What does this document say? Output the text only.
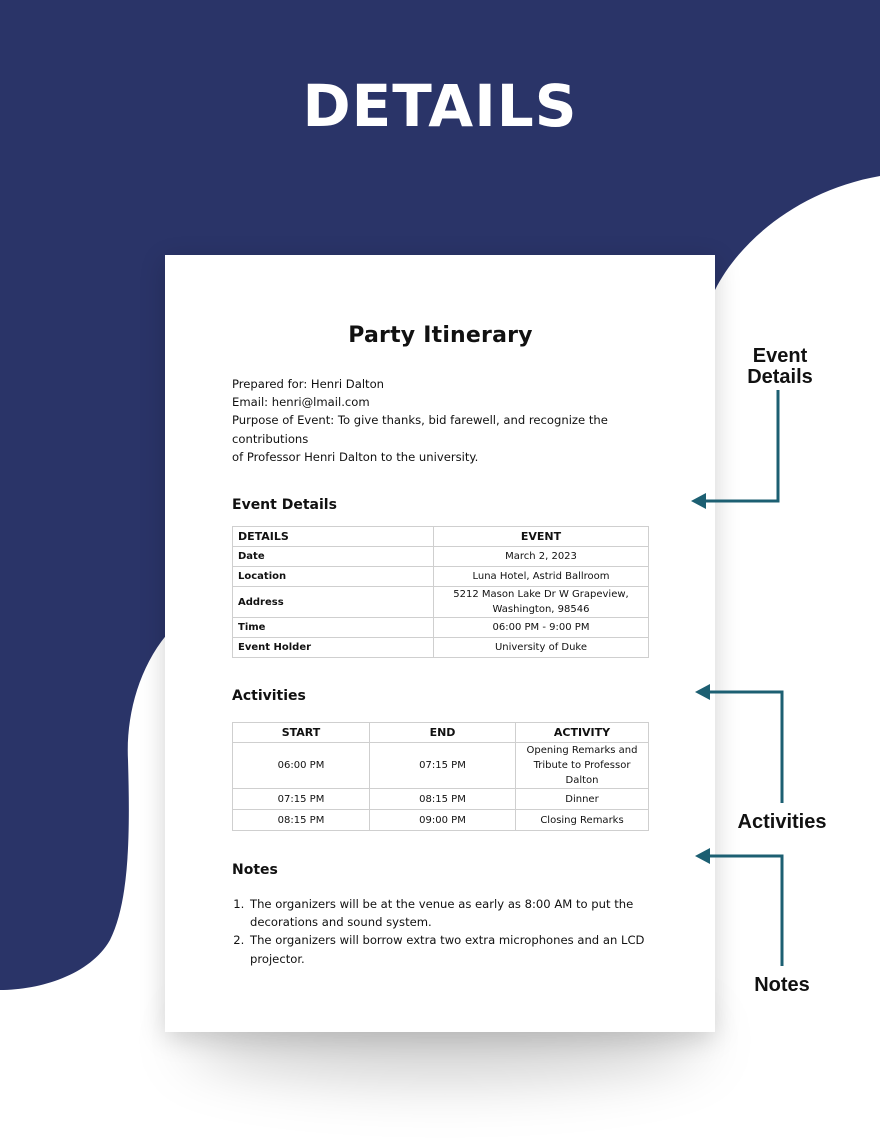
DETAILS
Party Itinerary
Prepared for: Henri Dalton
Email: henri@lmail.com
Purpose of Event: To give thanks, bid farewell, and recognize the contributions
of Professor Henri Dalton to the university.
Event Details
DETAILS	EVENT
Date	March 2, 2023
Location	Luna Hotel, Astrid Ballroom
Address	5212 Mason Lake Dr W Grapeview,
Washington, 98546

Time	06:00 PM - 9:00 PM
Event Holder	University of Duke
Activities
START	END	ACTIVITY
06:00 PM	07:15 PM	Opening Remarks and
Tribute to Professor Dalton

07:15 PM	08:15 PM	Dinner
08:15 PM	09:00 PM	Closing Remarks
Notes
1. The organizers will be at the venue as early as 8:00 AM to put the
decorations and sound system.
2. The organizers will borrow extra two extra microphones and an LCD
projector.
Event
Details
Activities
Notes
